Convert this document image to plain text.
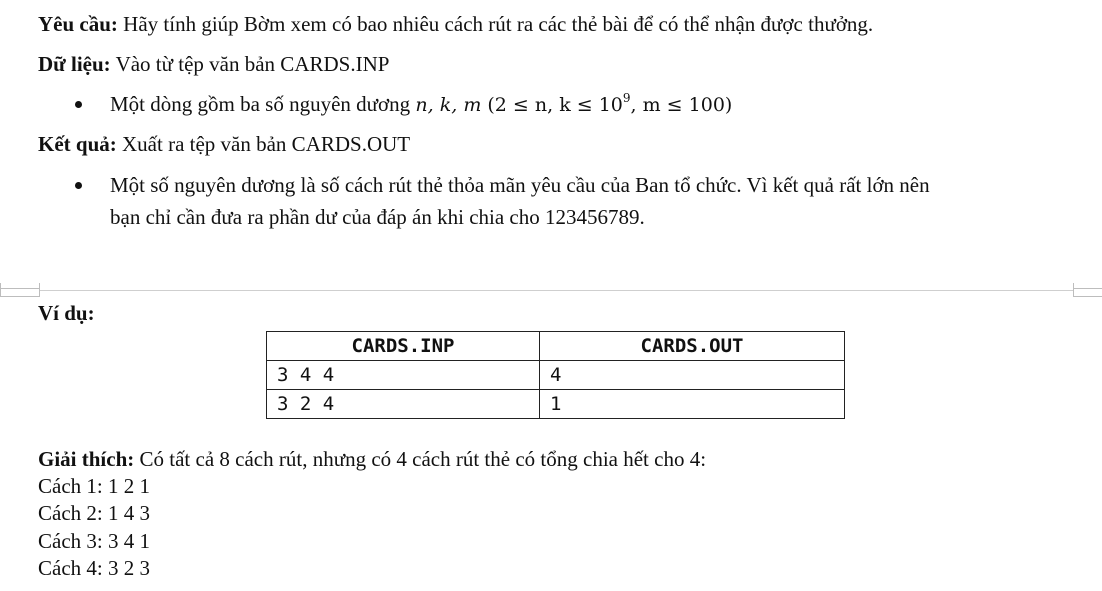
Yêu cầu: Hãy tính giúp Bờm xem có bao nhiêu cách rút ra các thẻ bài để có thể nhận được thưởng.
Dữ liệu: Vào từ tệp văn bản CARDS.INP
Một dòng gồm ba số nguyên dương n, k, m (2 ≤ n, $k \le 10^9$, m ≤ 100)
Kết quả: Xuất ra tệp văn bản CARDS.OUT
Một số nguyên dương là số cách rút thẻ thỏa mãn yêu cầu của Ban tổ chức. Vì kết quả rất lớn nên
bạn chỉ cần đưa ra phần dư của đáp án khi chia cho 123456789.
Ví dụ:
CARDS.INP	CARDS.OUT
3 4 4	4
3 2 4	1
Giải thích: Có tất cả 8 cách rút, nhưng có 4 cách rút thẻ có tổng chia hết cho 4:
Cách 1: 1 2 1
Cách 2: 1 4 3
Cách 3: 3 4 1
Cách 4: 3 2 3
